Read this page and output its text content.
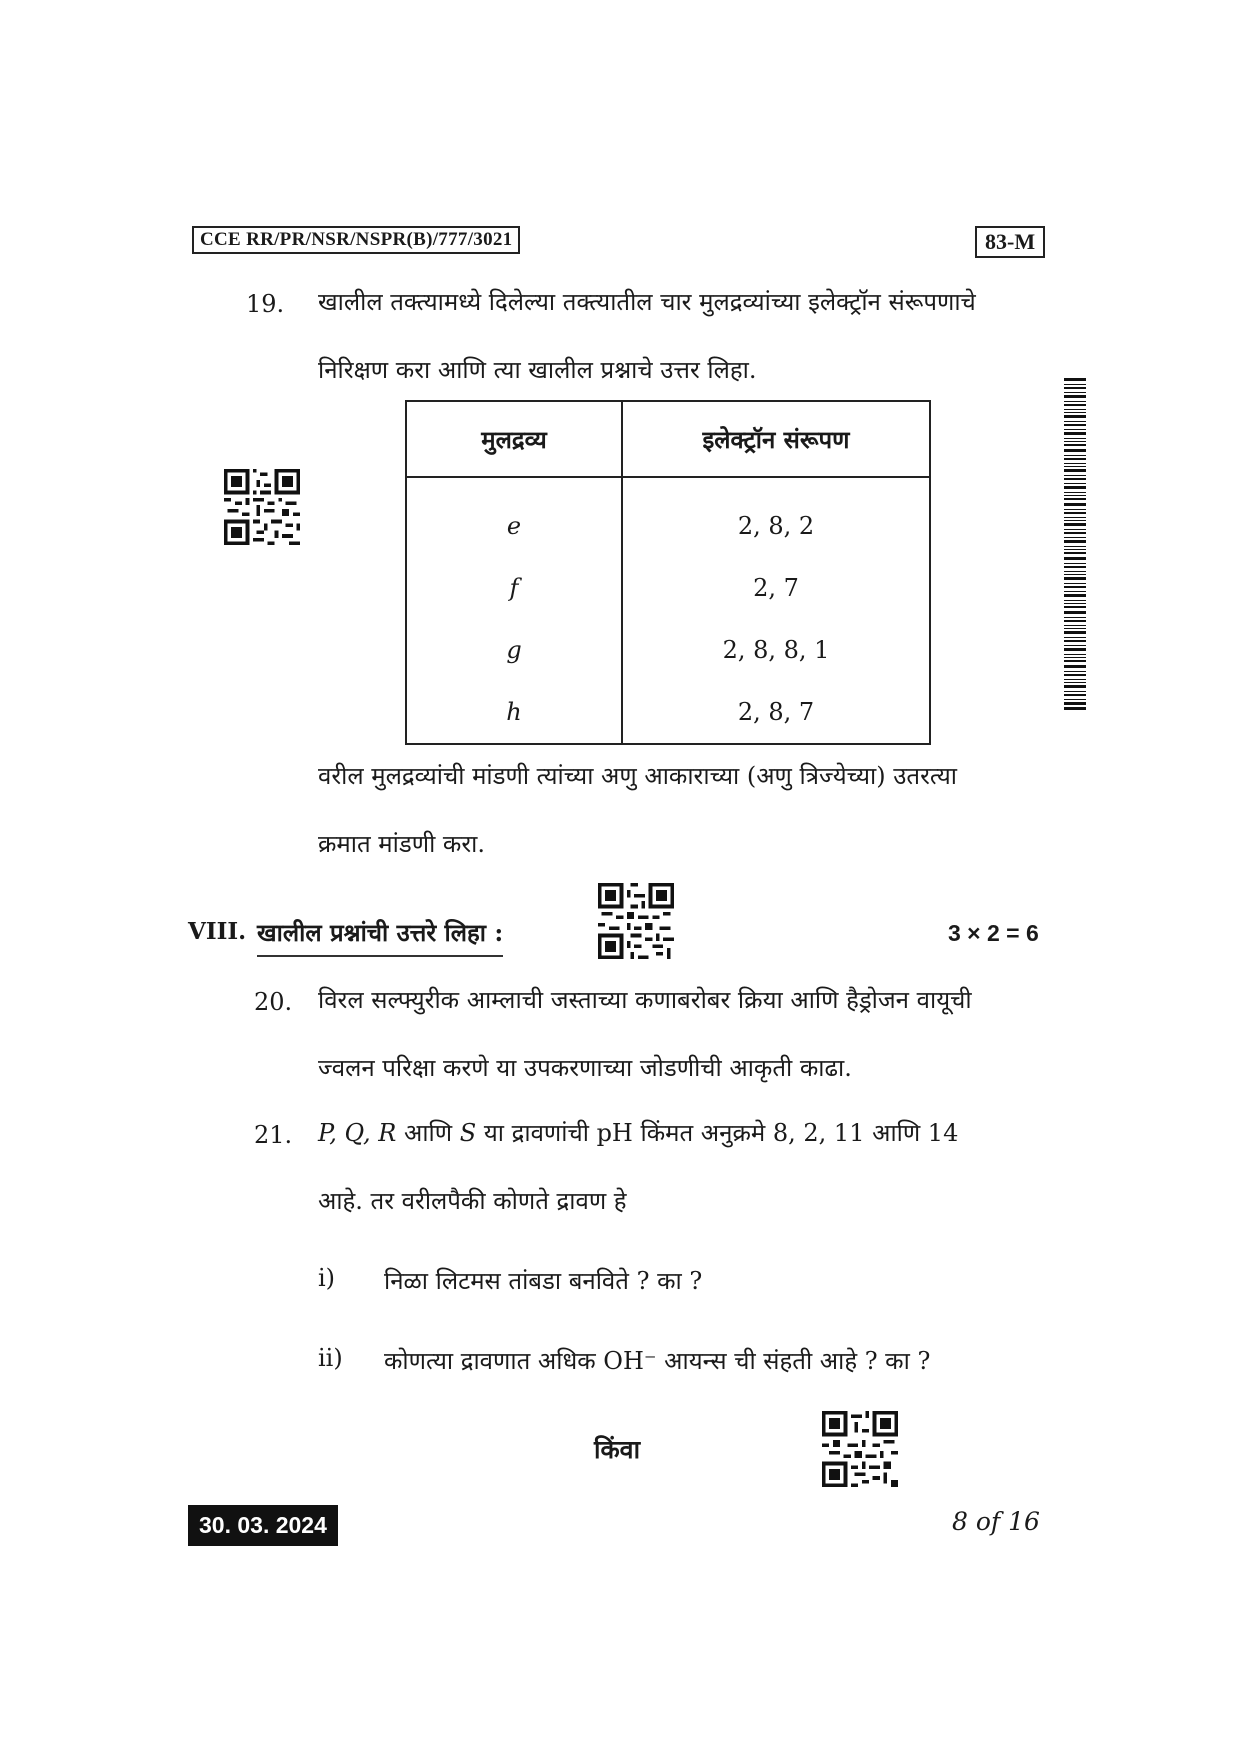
CCE RR/PR/NSR/NSPR(B)/777/3021	83-M
19. खालील तक्त्यामध्ये दिलेल्या तक्त्यातील चार मुलद्रव्यांच्या इलेक्ट्रॉन संरूपणाचे
निरिक्षण करा आणि त्या खालील प्रश्नाचे उत्तर लिहा.
मुलद्रव्य	इलेक्ट्रॉन संरूपण
e	2, 8, 2
f	2, 7
g	2, 8, 8, 1
h	2, 8, 7
वरील मुलद्रव्यांची मांडणी त्यांच्या अणु आकाराच्या (अणु त्रिज्येच्या) उतरत्या
क्रमात मांडणी करा.
VIII. खालील प्रश्नांची उत्तरे लिहा :	3 × 2 = 6
20. विरल सल्फ्युरीक आम्लाची जस्ताच्या कणाबरोबर क्रिया आणि हैड्रोजन वायूची
ज्वलन परिक्षा करणे या उपकरणाच्या जोडणीची आकृती काढा.
21. P, Q, R आणि S या द्रावणांची pH किंमत अनुक्रमे 8, 2, 11 आणि 14
आहे. तर वरीलपैकी कोणते द्रावण हे
i) निळा लिटमस तांबडा बनविते ? का ?
ii) कोणत्या द्रावणात अधिक OH⁻ आयन्स ची संहती आहे ? का ?
किंवा
30. 03. 2024	8 of 16
